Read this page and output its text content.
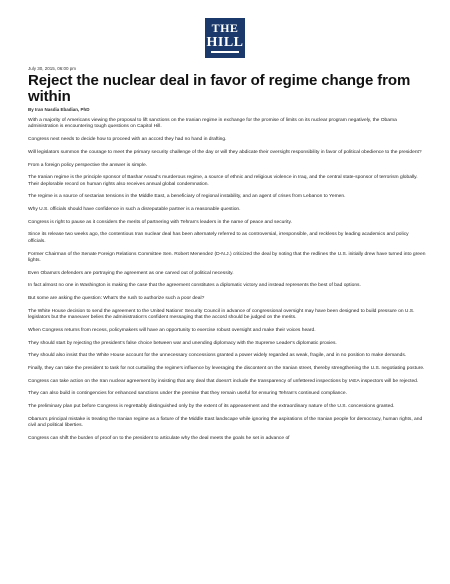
THE
HILL
July 30, 2015, 06:00 pm
Reject the nuclear deal in favor of regime change from within
By Iran Nasdia Ebadian, PhD

With a majority of Americans viewing the proposal to lift sanctions on the Iranian regime in exchange for the promise of limits on its nuclear program negatively, the Obama administration is encountering tough questions on Capitol Hill.

Congress next needs to decide how to proceed with an accord they had no hand in drafting.

Will legislators summon the courage to meet the primary security challenge of the day or will they abdicate their oversight responsibility in favor of political obedience to the president?

From a foreign policy perspective the answer is simple.

The Iranian regime is the principle sponsor of Bashar Assad's murderous regime, a source of ethnic and religious violence in Iraq, and the central state-sponsor of terrorism globally. Their deplorable record on human rights also receives annual global condemnation.

The regime is a source of sectarian tensions in the Middle East, a beneficiary of regional instability, and an agent of crises from Lebanon to Yemen.

Why U.S. officials should have confidence in such a disreputable partner is a reasonable question.

Congress is right to pause as it considers the merits of partnering with Tehran's leaders in the name of peace and security.

Since its release two weeks ago, the contentious Iran nuclear deal has been alternately referred to as controversial, irresponsible, and reckless by leading academics and policy officials.

Former Chairman of the Senate Foreign Relations Committee Sen. Robert Menendez (D-N.J.) criticized the deal by noting that the redlines the U.S. initially drew have turned into green lights.

Even Obama's defenders are portraying the agreement as one carved out of political necessity.

In fact almost no one in Washington is making the case that the agreement constitutes a diplomatic victory and instead represents the best of bad options.

But some are asking the question: What's the rush to authorize such a poor deal?

The White House decision to send the agreement to the United Nations' Security Council in advance of congressional oversight may have been designed to build pressure on U.S. legislators but the maneuver belies the administration's confident messaging that the accord should be judged on the merits.

When Congress returns from recess, policymakers will have an opportunity to exercise robust oversight and make their voices heard.

They should start by rejecting the president's false choice between war and unending diplomacy with the Supreme Leader's diplomatic proxies.

They should also insist that the White House account for the unnecessary concessions granted a power widely regarded as weak, fragile, and in no position to make demands.

Finally, they can take the president to task for not curtailing the regime's influence by leveraging the discontent on the Iranian street, thereby strengthening the U.S. negotiating posture.

Congress can take action on the Iran nuclear agreement by insisting that any deal that doesn't include the transparency of unfettered inspections by IAEA inspectors will be rejected.

They can also build in contingencies for enhanced sanctions under the premise that they remain useful for ensuring Tehran's continued compliance.

The preliminary plan put before Congress is regrettably distinguished only by the extent of its appeasement and the extraordinary nature of the U.S. concessions granted.

Obama's principal mistake is treating the Iranian regime as a fixture of the Middle East landscape while ignoring the aspirations of the Iranian people for democracy, human rights, and civil and political liberties.

Congress can shift the burden of proof on to the president to articulate why the deal meets the goals he set in advance of
